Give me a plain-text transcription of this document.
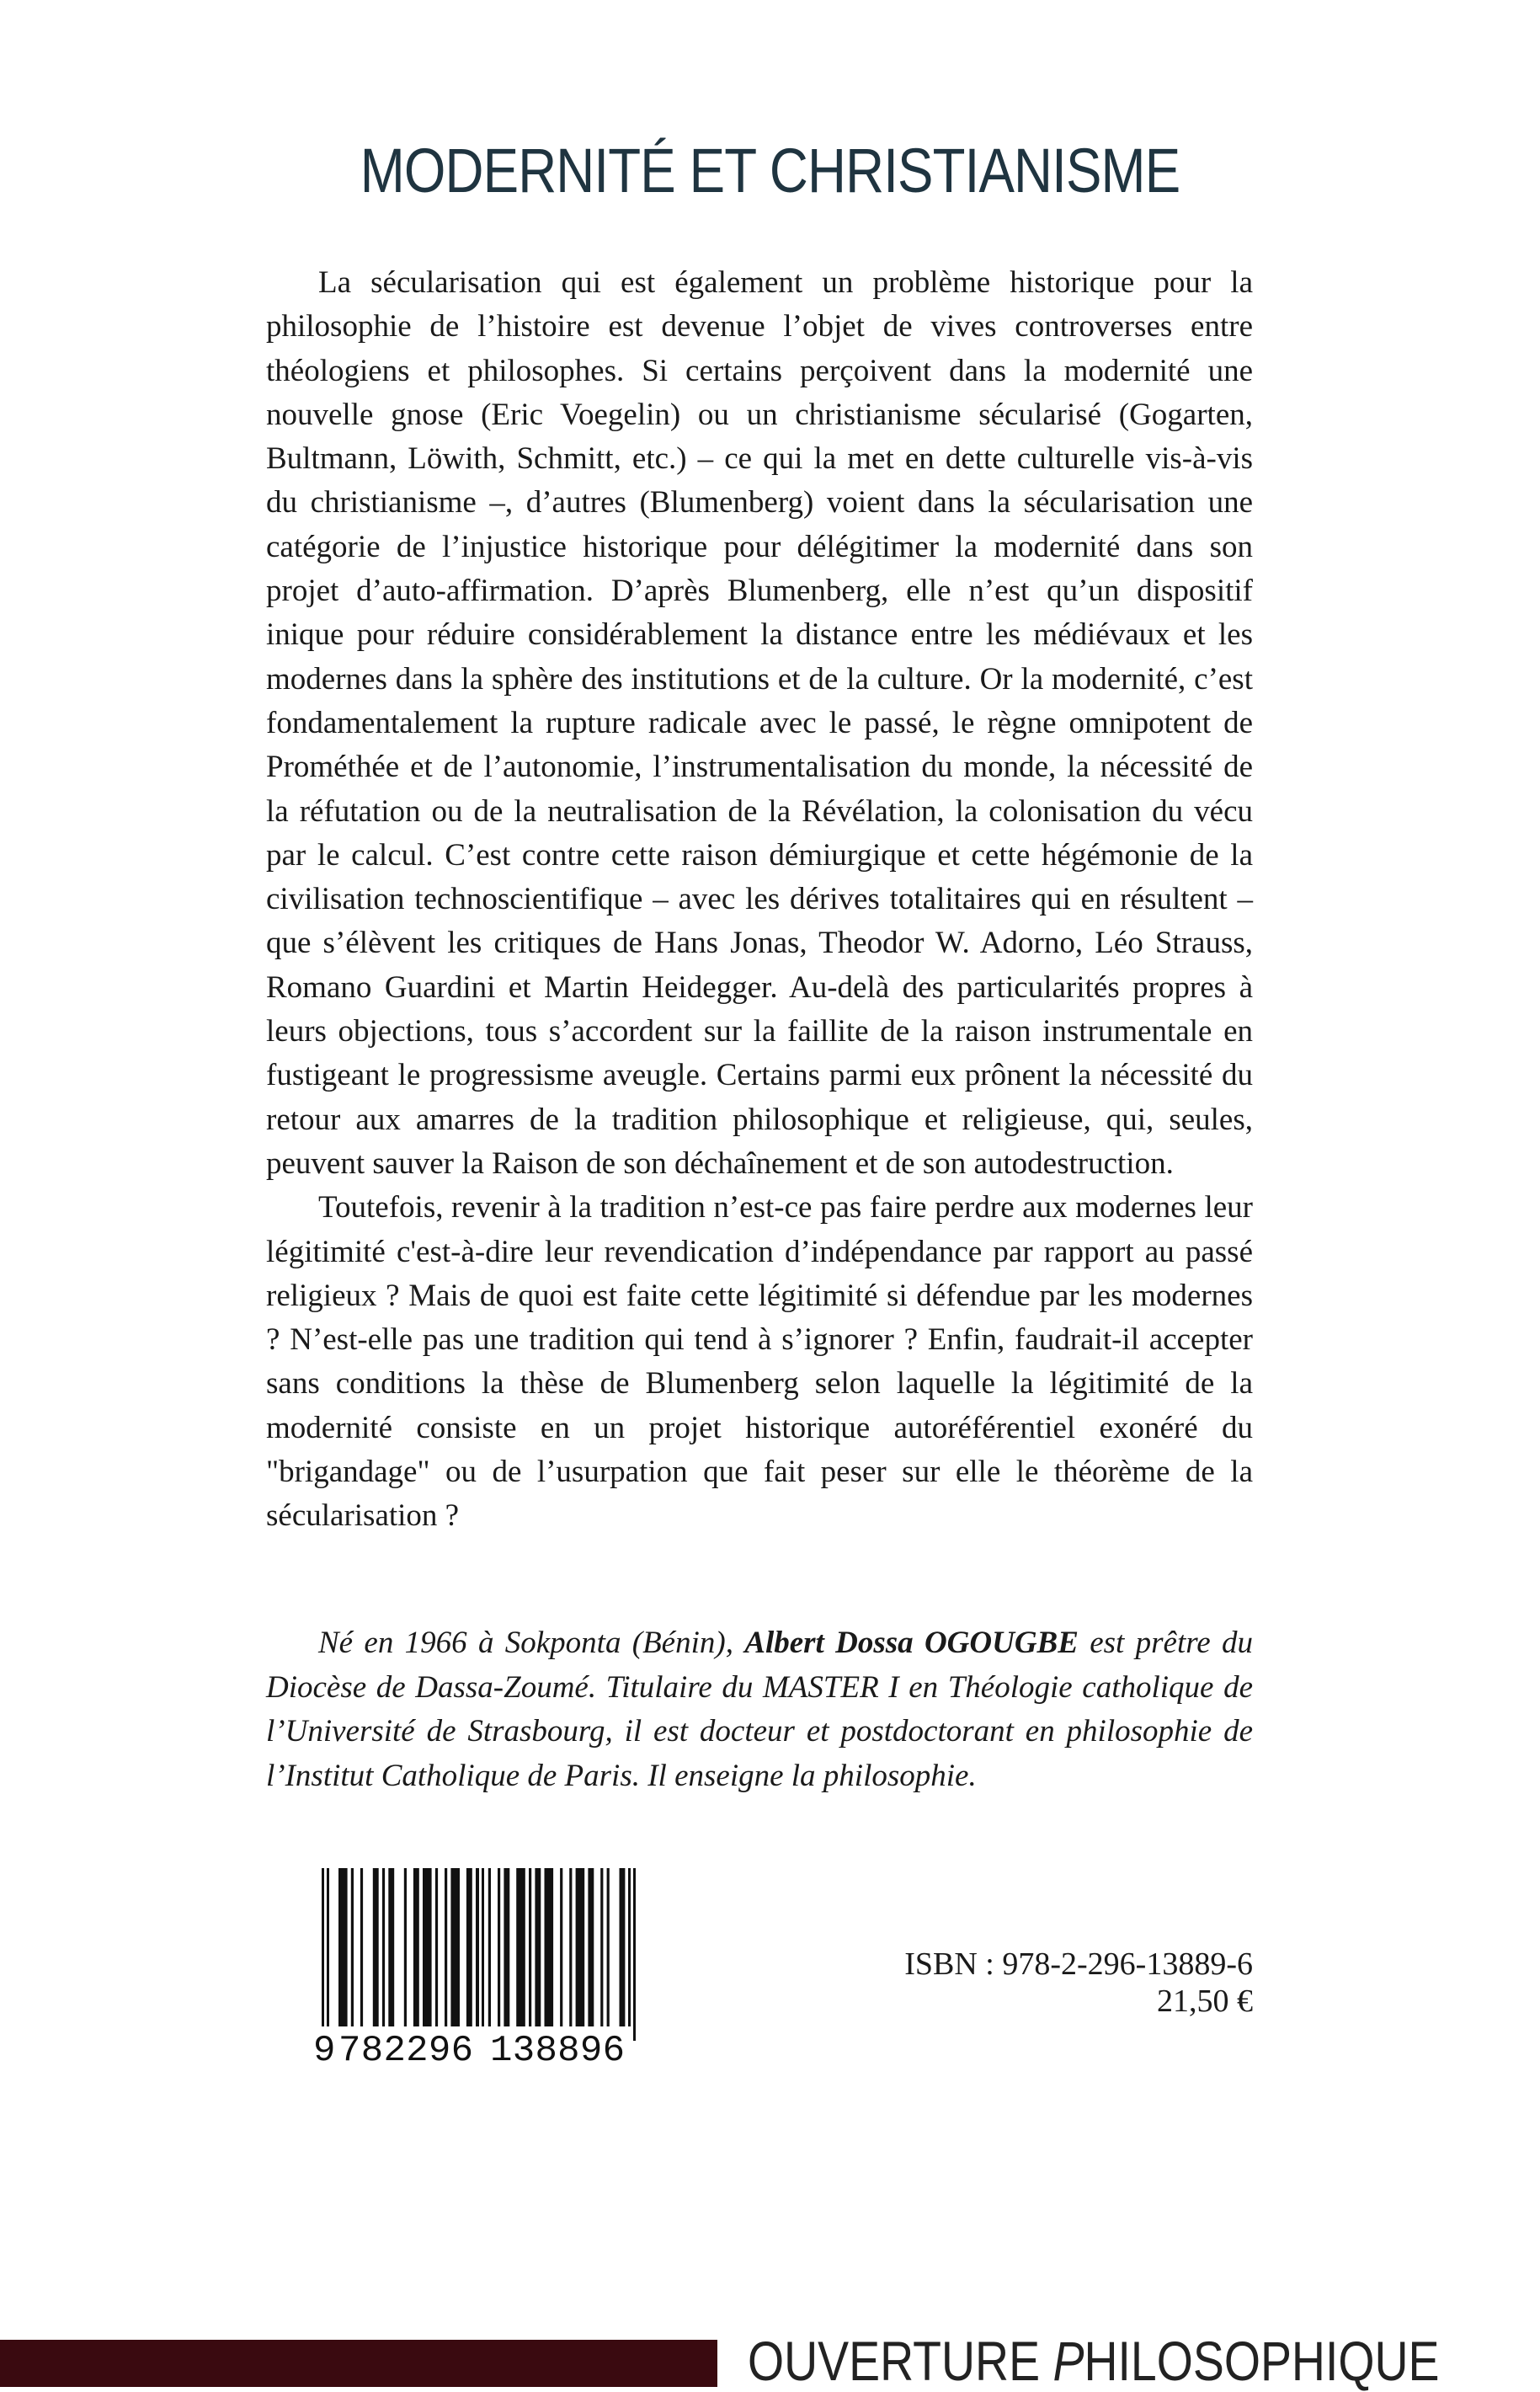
MODERNITÉ ET CHRISTIANISME

La sécularisation qui est également un problème historique pour la philosophie de l’histoire est devenue l’objet de vives controverses entre théologiens et philosophes. Si certains perçoivent dans la modernité une nouvelle gnose (Eric Voegelin) ou un christianisme sécularisé (Gogarten, Bultmann, Löwith, Schmitt, etc.) – ce qui la met en dette culturelle vis-à-vis du christianisme –, d’autres (Blumenberg) voient dans la sécularisation une catégorie de l’injustice historique pour délégitimer la modernité dans son projet d’auto-affirmation. D’après Blumenberg, elle n’est qu’un dispositif inique pour réduire considérablement la distance entre les médiévaux et les modernes dans la sphère des institutions et de la culture. Or la modernité, c’est fondamentalement la rupture radicale avec le passé, le règne omnipotent de Prométhée et de l’autonomie, l’instrumentalisation du monde, la nécessité de la réfutation ou de la neutralisation de la Révélation, la colonisation du vécu par le calcul. C’est contre cette raison démiurgique et cette hégémonie de la civilisation technoscientifique – avec les dérives totalitaires qui en résultent – que s’élèvent les critiques de Hans Jonas, Theodor W. Adorno, Léo Strauss, Romano Guardini et Martin Heidegger. Au-delà des particularités propres à leurs objections, tous s’accordent sur la faillite de la raison instrumentale en fustigeant le progressisme aveugle. Certains parmi eux prônent la nécessité du retour aux amarres de la tradition philosophique et religieuse, qui, seules, peuvent sauver la Raison de son déchaînement et de son autodestruction.

Toutefois, revenir à la tradition n’est-ce pas faire perdre aux modernes leur légitimité c'est-à-dire leur revendication d’indépendance par rapport au passé religieux ? Mais de quoi est faite cette légitimité si défendue par les modernes ? N’est-elle pas une tradition qui tend à s’ignorer ? Enfin, faudrait-il accepter sans conditions la thèse de Blumenberg selon laquelle la légitimité de la modernité consiste en un projet historique autoréférentiel exonéré du "brigandage" ou de l’usurpation que fait peser sur elle le théorème de la sécularisation ?

Né en 1966 à Sokponta (Bénin), Albert Dossa OGOUGBE est prêtre du Diocèse de Dassa-Zoumé. Titulaire du MASTER I en Théologie catholique de l’Université de Strasbourg, il est docteur et postdoctorant en philosophie de l’Institut Catholique de Paris. Il enseigne la philosophie.
9 782296 138896
ISBN : 978-2-296-13889-6
21,50 €
OUVERTURE PHILOSOPHIQUE
